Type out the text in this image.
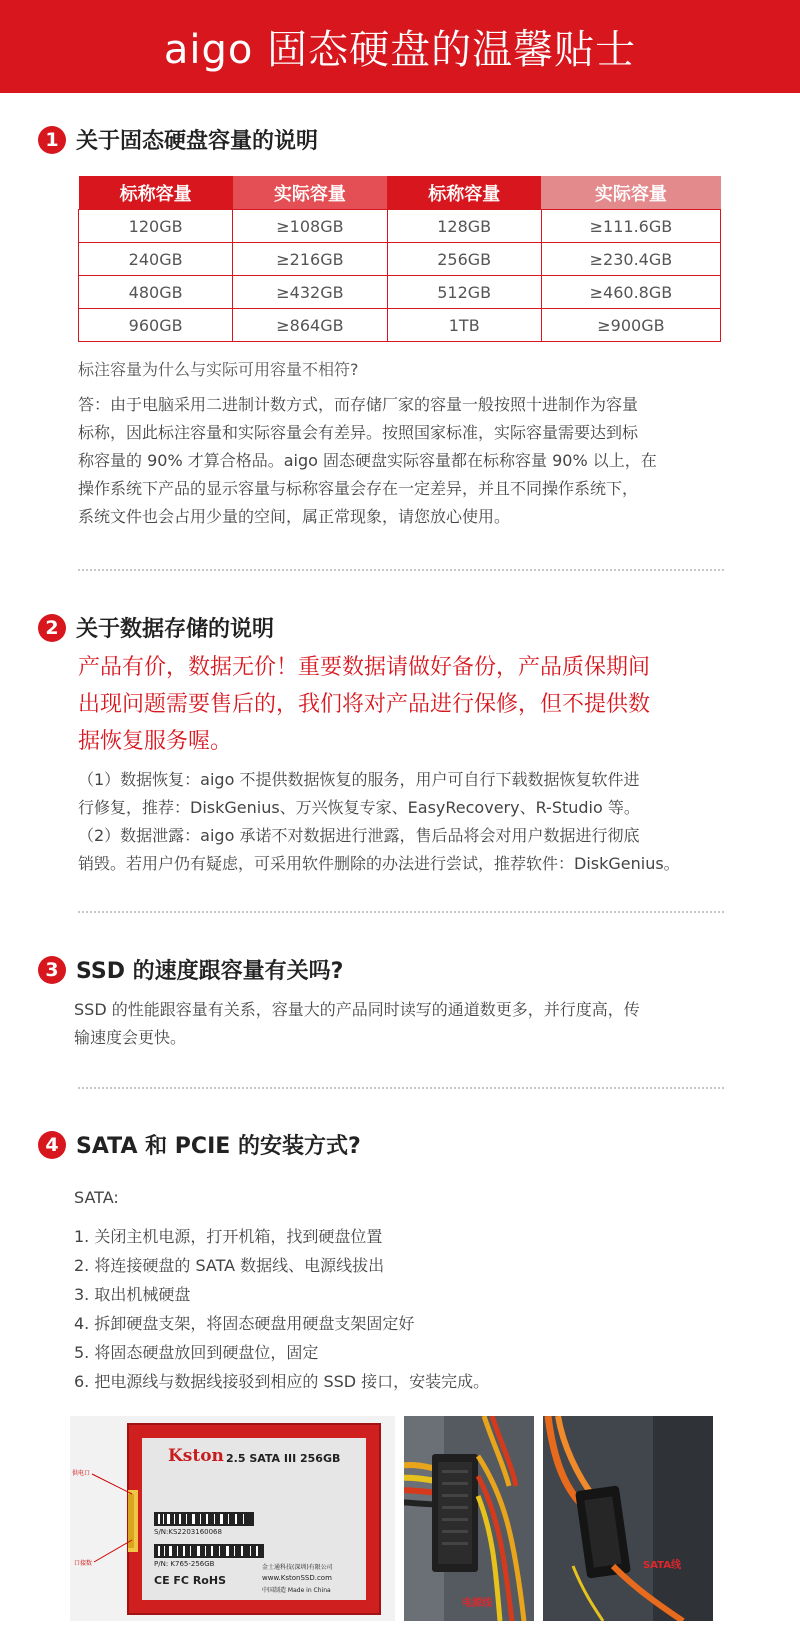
aigo 固态硬盘的温馨贴士
1 关于固态硬盘容量的说明
标称容量	实际容量	标称容量	实际容量
120GB	≥108GB	128GB	≥111.6GB
240GB	≥216GB	256GB	≥230.4GB
480GB	≥432GB	512GB	≥460.8GB
960GB	≥864GB	1TB	≥900GB
标注容量为什么与实际可用容量不相符?
答：由于电脑采用二进制计数方式，而存储厂家的容量一般按照十进制作为容量
标称，因此标注容量和实际容量会有差异。按照国家标准，实际容量需要达到标
称容量的 90% 才算合格品。aigo 固态硬盘实际容量都在标称容量 90% 以上，在
操作系统下产品的显示容量与标称容量会存在一定差异，并且不同操作系统下，
系统文件也会占用少量的空间，属正常现象，请您放心使用。
2 关于数据存储的说明
产品有价，数据无价！重要数据请做好备份，产品质保期间
出现问题需要售后的，我们将对产品进行保修，但不提供数
据恢复服务喔。
（1）数据恢复：aigo 不提供数据恢复的服务，用户可自行下载数据恢复软件进
行修复，推荐：DiskGenius、万兴恢复专家、EasyRecovery、R-Studio 等。
（2）数据泄露：aigo 承诺不对数据进行泄露，售后品将会对用户数据进行彻底
销毁。若用户仍有疑虑，可采用软件删除的办法进行尝试，推荐软件：DiskGenius。
3 SSD 的速度跟容量有关吗?
SSD 的性能跟容量有关系，容量大的产品同时读写的通道数更多，并行度高，传
输速度会更快。
4 SATA 和 PCIE 的安装方式?
SATA:
1. 关闭主机电源，打开机箱，找到硬盘位置
2. 将连接硬盘的 SATA 数据线、电源线拔出
3. 取出机械硬盘
4. 拆卸硬盘支架，将固态硬盘用硬盘支架固定好
5. 将固态硬盘放回到硬盘位，固定
6. 把电源线与数据线接驳到相应的 SSD 接口，安装完成。
Kston 2.5 SATA III 256GB
S/N:KS2203160068
P/N: K765-256GB
CE FC RoHS
金士通科技(深圳)有限公司
www.KstonSSD.com
中国制造 Made in China
供电口
口接数
电源线
SATA线
